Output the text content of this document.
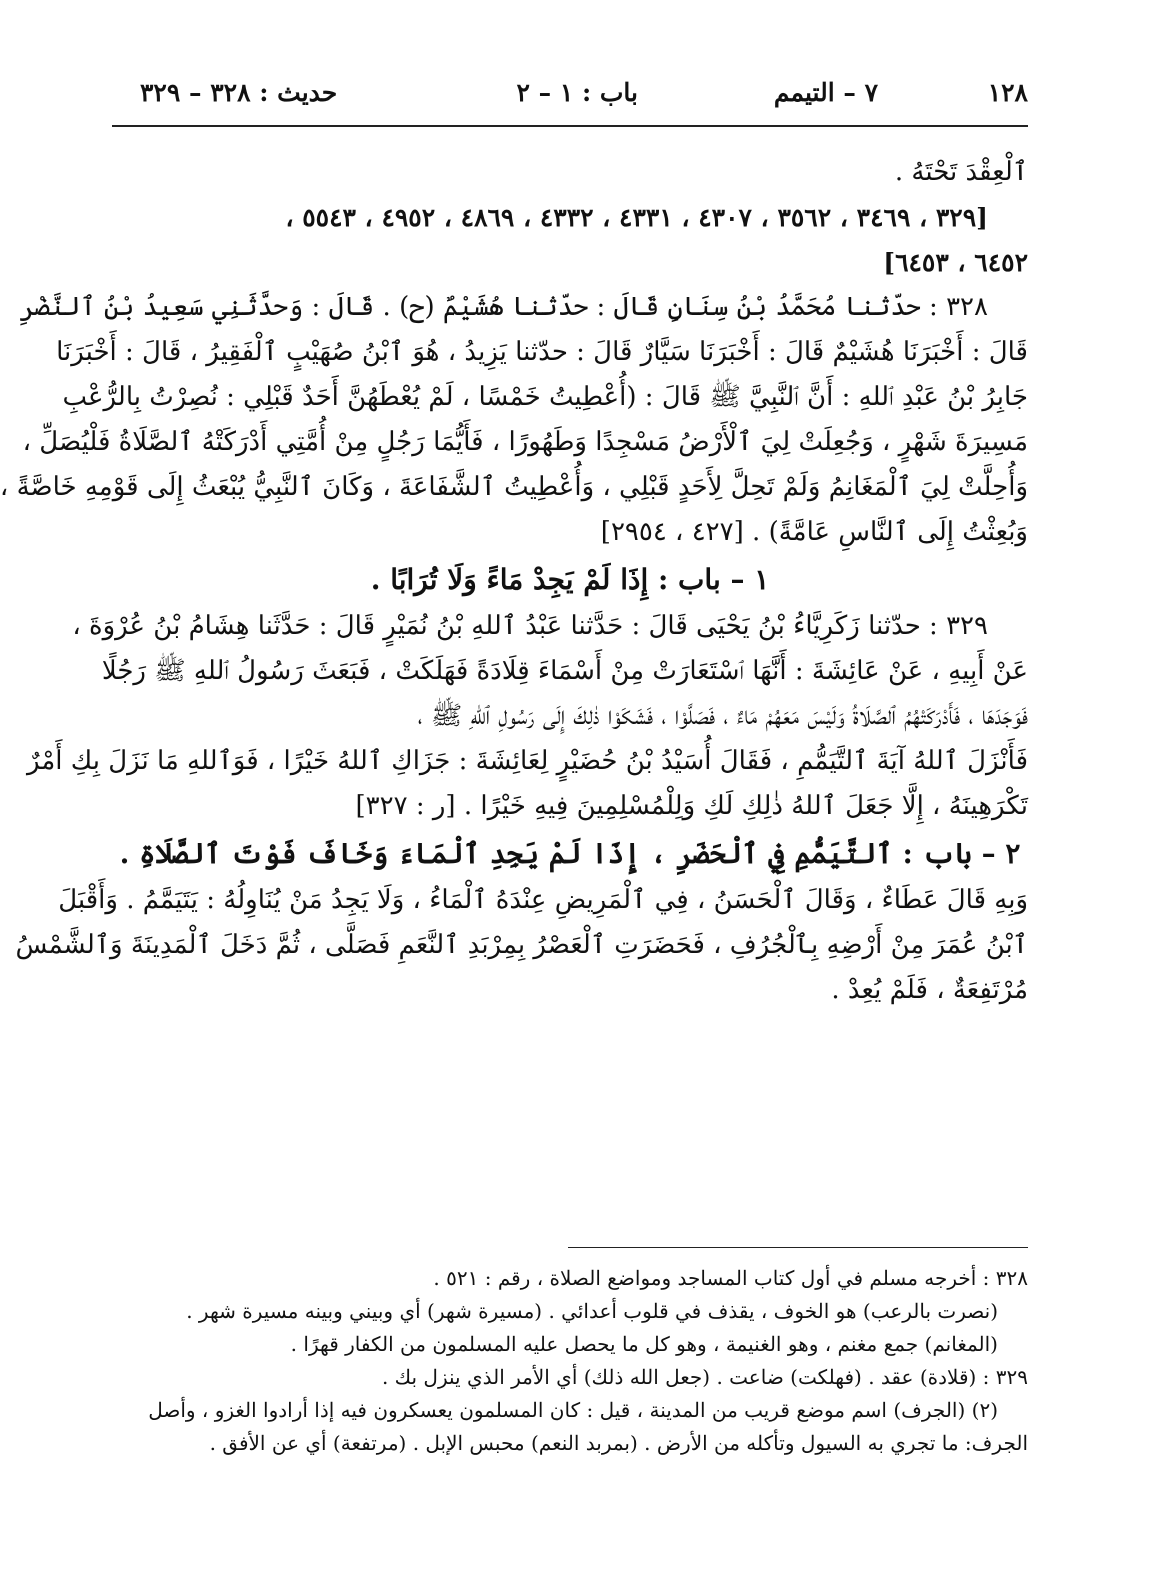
١٢٨
٧ – التيمم
باب : ١ – ٢
حديث : ٣٢٨ – ٣٢٩
ٱلْعِقْدَ تَحْتَهُ .
[٣٢٩ ، ٣٤٦٩ ، ٣٥٦٢ ، ٤٣٠٧ ، ٤٣٣١ ، ٤٣٣٢ ، ٤٨٦٩ ، ٤٩٥٢ ، ٥٥٤٣ ،
٦٤٥٢ ، ٦٤٥٣]
٣٢٨ : حدّثنا مُحَمَّدُ بْنُ سِنَانٍ قَالَ : حدّثنا هُشَيْمٌ (ح) . قَالَ : وَحدَّثَنِي سَعِيدُ بْنُ ٱلنَّضْرِ
قَالَ : أَخْبَرَنَا هُشَيْمٌ قَالَ : أَخْبَرَنَا سَيَّارٌ قَالَ : حدّثنا يَزِيدُ ، هُوَ ٱبْنُ صُهَيْبٍ ٱلْفَقِيرُ ، قَالَ : أَخْبَرَنَا
جَابِرُ بْنُ عَبْدِ ٱللهِ : أَنَّ ٱلنَّبِيَّ ﷺ قَالَ : (أُعْطِيتُ خَمْسًا ، لَمْ يُعْطَهُنَّ أَحَدٌ قَبْلِي : نُصِرْتُ بِالرُّعْبِ
مَسِيرَةَ شَهْرٍ ، وَجُعِلَتْ لِيَ ٱلْأَرْضُ مَسْجِدًا وَطَهُورًا ، فَأَيُّمَا رَجُلٍ مِنْ أُمَّتِي أَدْرَكَتْهُ ٱلصَّلَاةُ فَلْيُصَلِّ ،
وَأُحِلَّتْ لِيَ ٱلْمَغَانِمُ وَلَمْ تَحِلَّ لِأَحَدٍ قَبْلِي ، وَأُعْطِيتُ ٱلشَّفَاعَةَ ، وَكَانَ ٱلنَّبِيُّ يُبْعَثُ إِلَى قَوْمِهِ خَاصَّةً ،
وَبُعِثْتُ إِلَى ٱلنَّاسِ عَامَّةً) . [٤٢٧ ، ٢٩٥٤]
١ – باب : إِذَا لَمْ يَجِدْ مَاءً وَلَا تُرَابًا .
٣٢٩ : حدّثنا زَكَرِيَّاءُ بْنُ يَحْيَى قَالَ : حَدَّثنا عَبْدُ ٱللهِ بْنُ نُمَيْرٍ قَالَ : حَدَّثَنا هِشَامُ بْنُ عُرْوَةَ ،
عَنْ أَبِيهِ ، عَنْ عَائِشَةَ : أَنَّهَا ٱسْتَعَارَتْ مِنْ أَسْمَاءَ قِلَادَةً فَهَلَكَتْ ، فَبَعَثَ رَسُولُ ٱللهِ ﷺ رَجُلًا
فَوَجَدَهَا ، فَأَدْرَكَتْهُمُ ٱلصَّلَاةُ وَلَيْسَ مَعَهُمْ مَاءٌ ، فَصَلَّوْا ، فَشَكَوْا ذٰلِكَ إِلَى رَسُولِ ٱللهِ ﷺ ،
فَأَنْزَلَ ٱللهُ آيَةَ ٱلتَّيَمُّمِ ، فَقَالَ أُسَيْدُ بْنُ حُضَيْرٍ لِعَائِشَةَ : جَزَاكِ ٱللهُ خَيْرًا ، فَوَٱللهِ مَا نَزَلَ بِكِ أَمْرٌ
تَكْرَهِينَهُ ، إِلَّا جَعَلَ ٱللهُ ذٰلِكِ لَكِ وَلِلْمُسْلِمِينَ فِيهِ خَيْرًا . [ر : ٣٢٧]
٢ – باب : ٱلتَّيَمُّمِ فِي ٱلْحَضَرِ ، إِذَا لَمْ يَجِدِ ٱلْمَاءَ وَخَافَ فَوْتَ ٱلصَّلَاةِ .
وَبِهِ قَالَ عَطَاءٌ ، وَقَالَ ٱلْحَسَنُ ، فِي ٱلْمَرِيضِ عِنْدَهُ ٱلْمَاءُ ، وَلَا يَجِدُ مَنْ يُنَاوِلُهُ : يَتَيَمَّمُ . وَأَقْبَلَ
ٱبْنُ عُمَرَ مِنْ أَرْضِهِ بِٱلْجُرُفِ ، فَحَضَرَتِ ٱلْعَصْرُ بِمِرْبَدِ ٱلنَّعَمِ فَصَلَّى ، ثُمَّ دَخَلَ ٱلْمَدِينَةَ وَٱلشَّمْسُ
مُرْتَفِعَةٌ ، فَلَمْ يُعِدْ .
٣٢٨ : أخرجه مسلم في أول كتاب المساجد ومواضع الصلاة ، رقم : ٥٢١ .
(نصرت بالرعب) هو الخوف ، يقذف في قلوب أعدائي . (مسيرة شهر) أي وبيني وبينه مسيرة شهر .
(المغانم) جمع مغنم ، وهو الغنيمة ، وهو كل ما يحصل عليه المسلمون من الكفار قهرًا .
٣٢٩ : (قلادة) عقد . (فهلكت) ضاعت . (جعل الله ذلك) أي الأمر الذي ينزل بك .
(٢) (الجرف) اسم موضع قريب من المدينة ، قيل : كان المسلمون يعسكرون فيه إذا أرادوا الغزو ، وأصل
الجرف: ما تجري به السيول وتأكله من الأرض . (بمربد النعم) محبس الإبل . (مرتفعة) أي عن الأفق .
